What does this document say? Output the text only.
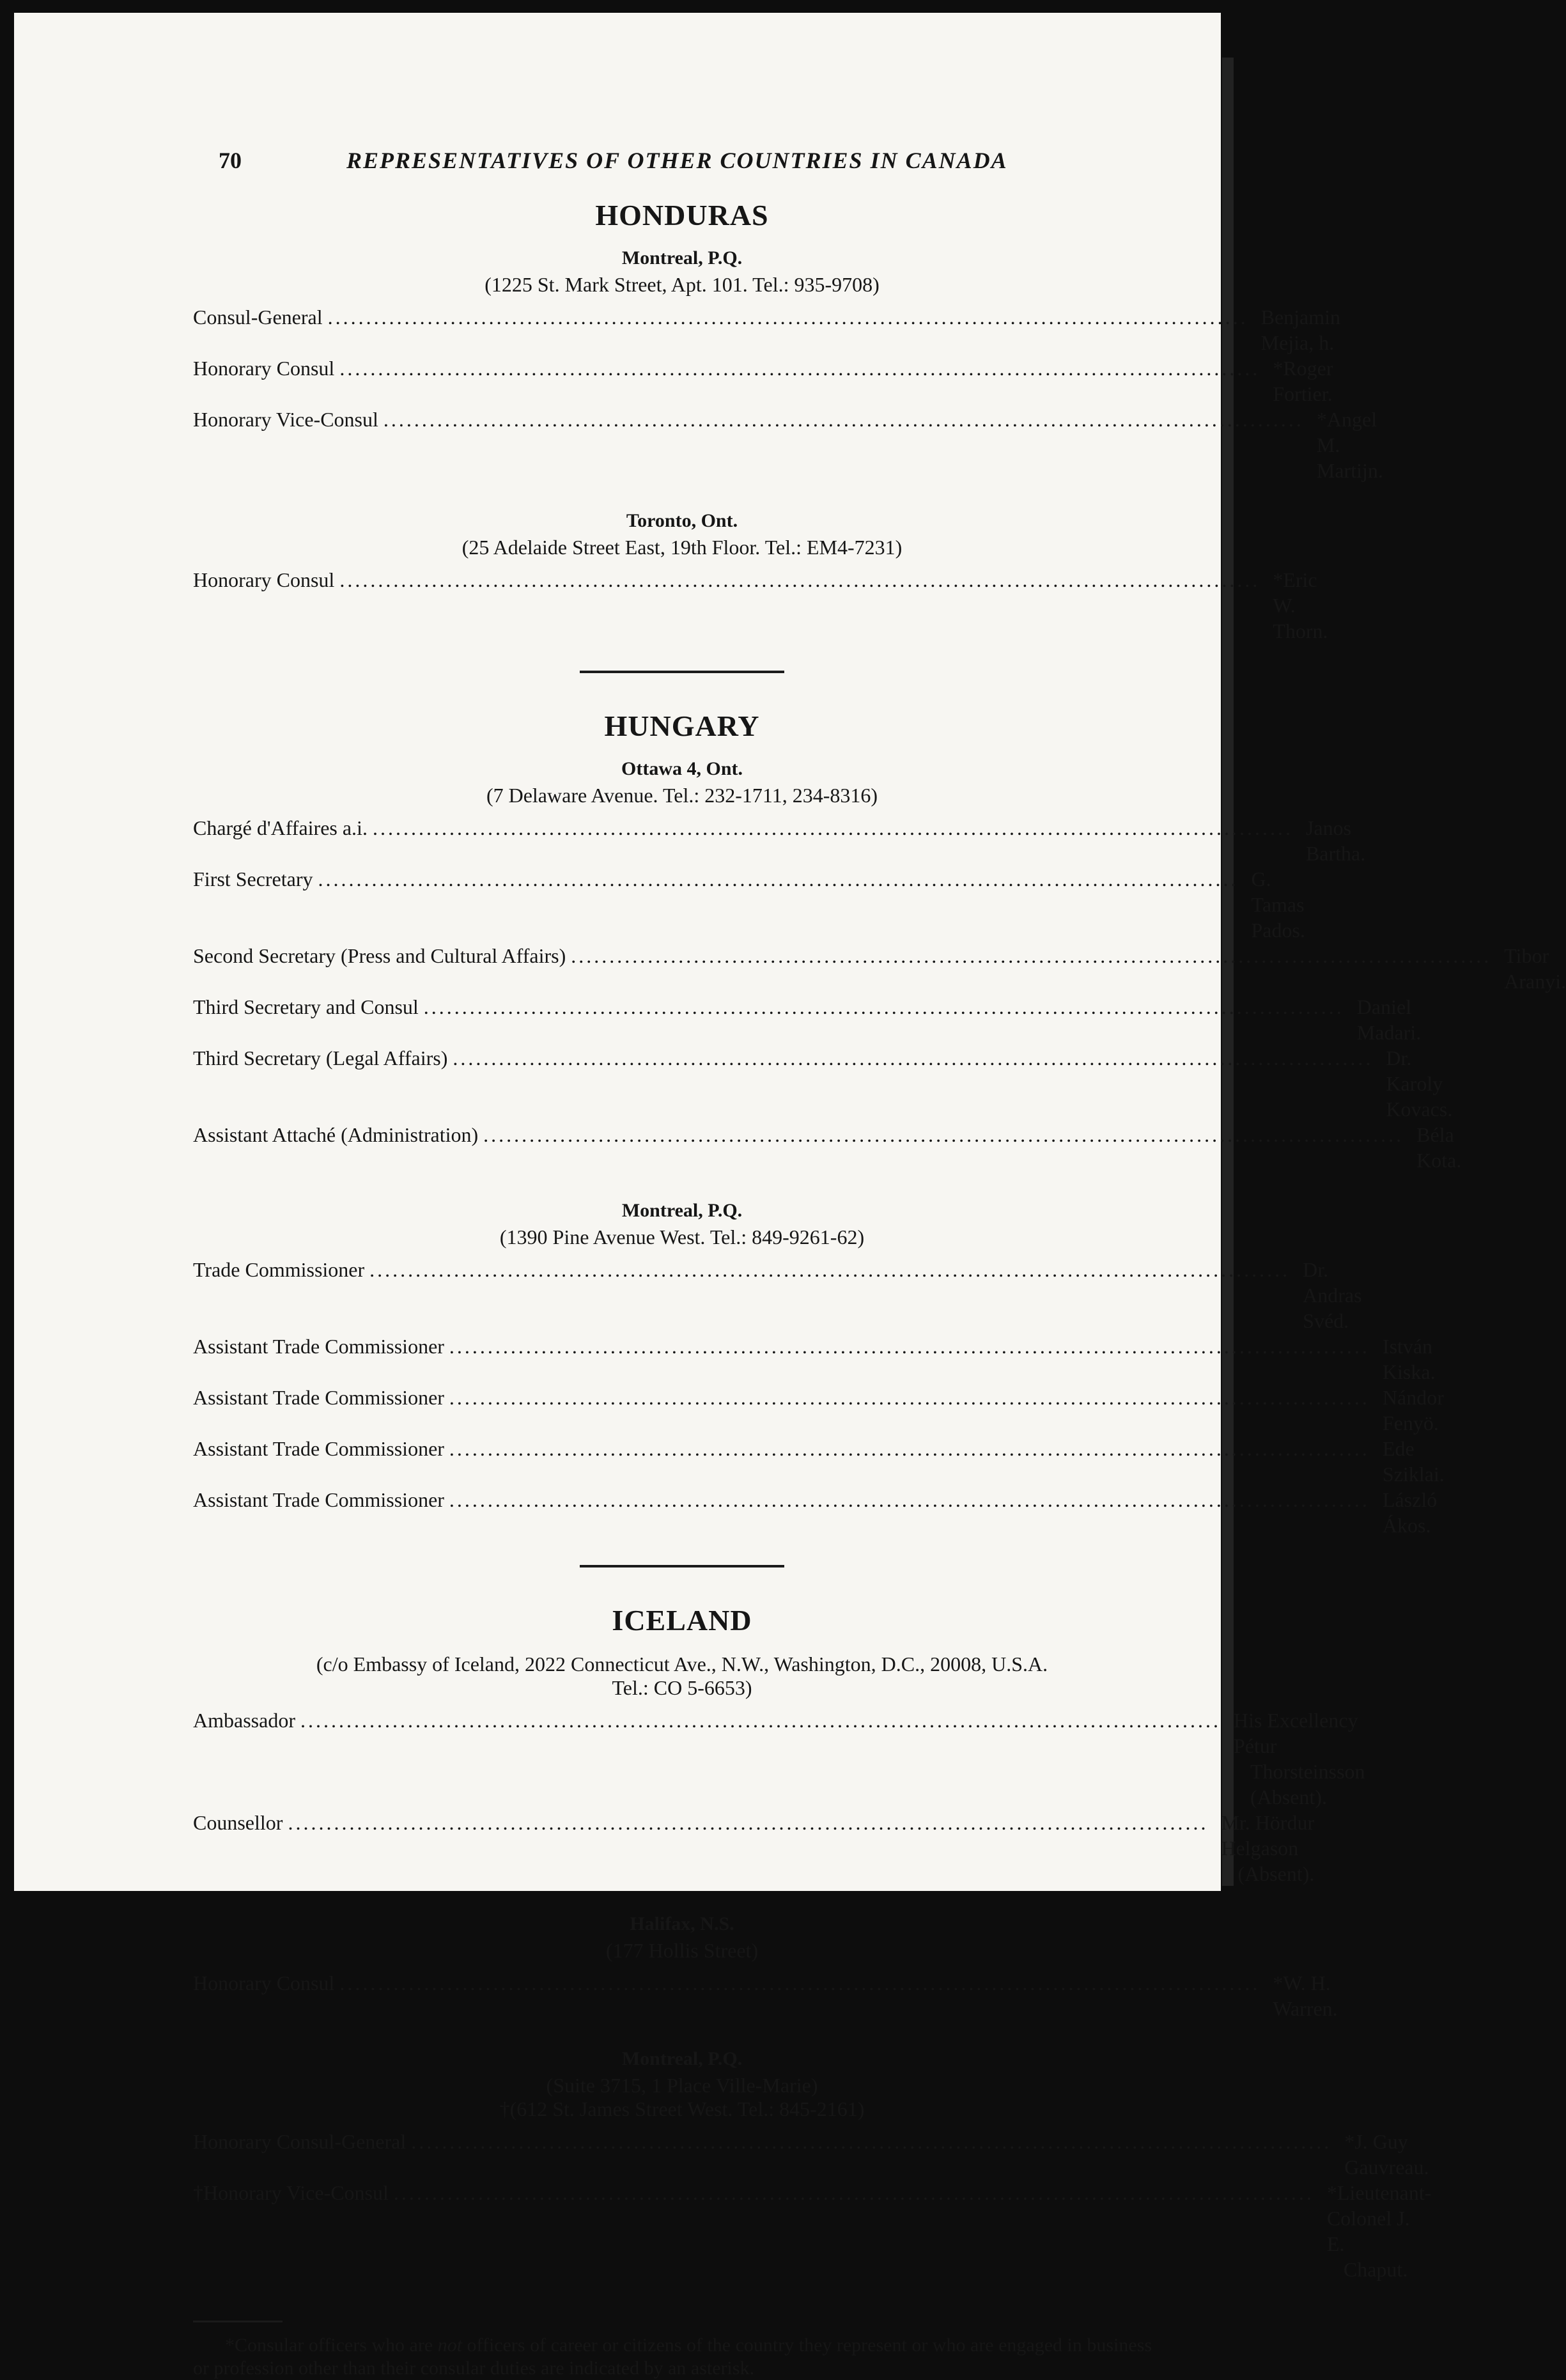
70	REPRESENTATIVES OF OTHER COUNTRIES IN CANADA
HONDURAS
Montreal, P.Q.
(1225 St. Mark Street, Apt. 101. Tel.: 935-9708)
Consul-General ........................................................................................................................ Benjamin Mejia, h.
Honorary Consul ........................................................................................................................ *Roger Fortier.
Honorary Vice-Consul ........................................................................................................................ *Angel M. Martijn.
Toronto, Ont.
(25 Adelaide Street East, 19th Floor. Tel.: EM4-7231)
Honorary Consul ........................................................................................................................ *Eric W. Thorn.
HUNGARY
Ottawa 4, Ont.
(7 Delaware Avenue. Tel.: 232-1711, 234-8316)
Chargé d'Affaires a.i. ........................................................................................................................ Janos Bartha.
First Secretary ........................................................................................................................ G. Tamas Pados.
Second Secretary (Press and Cultural Affairs) ........................................................................................................................ Tibor Aranyi.
Third Secretary and Consul ........................................................................................................................ Daniel Madari.
Third Secretary (Legal Affairs) ........................................................................................................................ Dr. Karoly Kovacs.
Assistant Attaché (Administration) ........................................................................................................................ Béla Kota.
Montreal, P.Q.
(1390 Pine Avenue West. Tel.: 849-9261-62)
Trade Commissioner ........................................................................................................................ Dr. Andras Svéd.
Assistant Trade Commissioner ........................................................................................................................ István Kiska.
Assistant Trade Commissioner ........................................................................................................................ Nándor Fenyö.
Assistant Trade Commissioner ........................................................................................................................ Ede Sziklai.
Assistant Trade Commissioner ........................................................................................................................ László Ákos.
ICELAND
(c/o Embassy of Iceland, 2022 Connecticut Ave., N.W., Washington, D.C., 20008, U.S.A.
Tel.: CO 5-6653)
Ambassador ........................................................................................................................ His Excellency Pétur
Thorsteinsson (Absent).
Counsellor ........................................................................................................................ Mr. Hördur Helgason
(Absent).
Halifax, N.S.
(177 Hollis Street)
Honorary Consul ........................................................................................................................ *W. H. Warren.
Montreal, P.Q.
(Suite 3715, 1 Place Ville-Marie)
†(612 St. James Street West. Tel.: 845-2161)
Honorary Consul-General ........................................................................................................................ *J. Guy Gauvreau.
†Honorary Vice-Consul ........................................................................................................................ *Lieutenant-Colonel J. E.
Chaput.
*Consular officers who are not officers of career or citizens of the country they represent or who are engaged in business or profession other than their consular duties are indicated by an asterisk.
